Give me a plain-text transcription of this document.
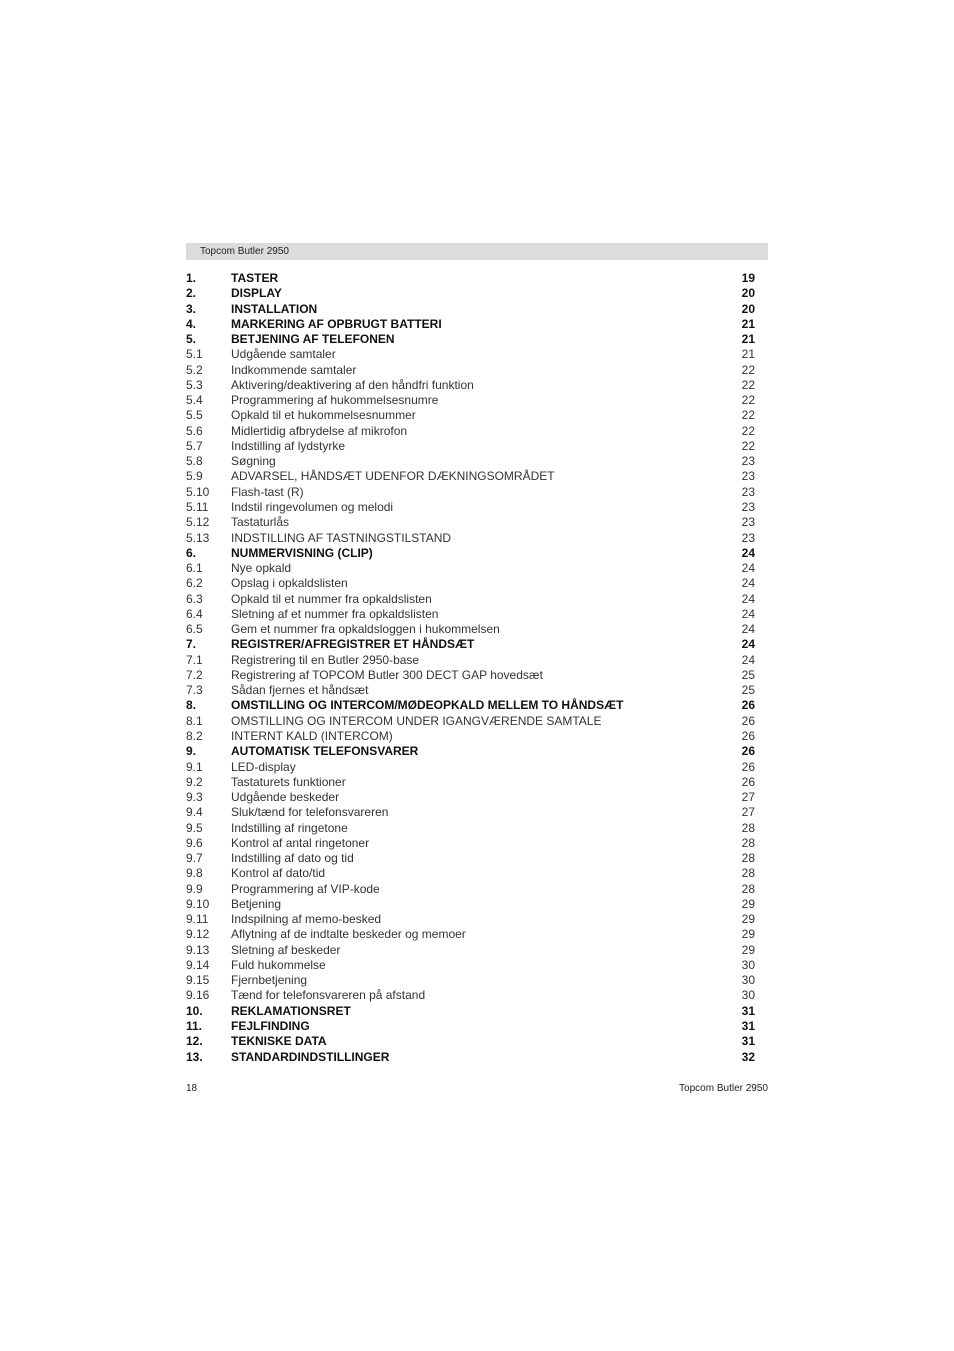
Topcom Butler 2950
1.	TASTER	19
2.	DISPLAY	20
3.	INSTALLATION	20
4.	MARKERING AF OPBRUGT BATTERI	21
5.	BETJENING AF TELEFONEN	21
5.1 Udgående samtaler	21
5.2 Indkommende samtaler	22
5.3 Aktivering/deaktivering af den håndfri funktion	22
5.4 Programmering af hukommelsesnumre	22
5.5 Opkald til et hukommelsesnummer	22
5.6 Midlertidig afbrydelse af mikrofon	22
5.7 Indstilling af lydstyrke	22
5.8 Søgning	23
5.9 ADVARSEL, HÅNDSÆT UDENFOR DÆKNINGSOMRÅDET	23
5.10 Flash-tast (R)	23
5.11 Indstil ringevolumen og melodi	23
5.12 Tastaturlås	23
5.13 INDSTILLING AF TASTNINGSTILSTAND	23
6.	NUMMERVISNING (CLIP)	24
6.1 Nye opkald	24
6.2 Opslag i opkaldslisten	24
6.3 Opkald til et nummer fra opkaldslisten	24
6.4 Sletning af et nummer fra opkaldslisten	24
6.5 Gem et nummer fra opkaldsloggen i hukommelsen	24
7.	REGISTRER/AFREGISTRER ET HÅNDSÆT	24
7.1 Registrering til en Butler 2950-base	24
7.2 Registrering af TOPCOM Butler 300 DECT GAP hovedsæt	25
7.3 Sådan fjernes et håndsæt	25
8.	OMSTILLING OG INTERCOM/MØDEOPKALD MELLEM TO HÅNDSÆT	26
8.1 OMSTILLING OG INTERCOM UNDER IGANGVÆRENDE SAMTALE	26
8.2 INTERNT KALD (INTERCOM)	26
9.	AUTOMATISK TELEFONSVARER	26
9.1 LED-display	26
9.2 Tastaturets funktioner	26
9.3 Udgående beskeder	27
9.4 Sluk/tænd for telefonsvareren	27
9.5 Indstilling af ringetone	28
9.6 Kontrol af antal ringetoner	28
9.7 Indstilling af dato og tid	28
9.8 Kontrol af dato/tid	28
9.9 Programmering af VIP-kode	28
9.10 Betjening	29
9.11 Indspilning af memo-besked	29
9.12 Aflytning af de indtalte beskeder og memoer	29
9.13 Sletning af beskeder	29
9.14 Fuld hukommelse	30
9.15 Fjernbetjening	30
9.16 Tænd for telefonsvareren på afstand	30
10. REKLAMATIONSRET	31
11. FEJLFINDING	31
12. TEKNISKE DATA	31
13. STANDARDINDSTILLINGER	32
18	Topcom Butler 2950
